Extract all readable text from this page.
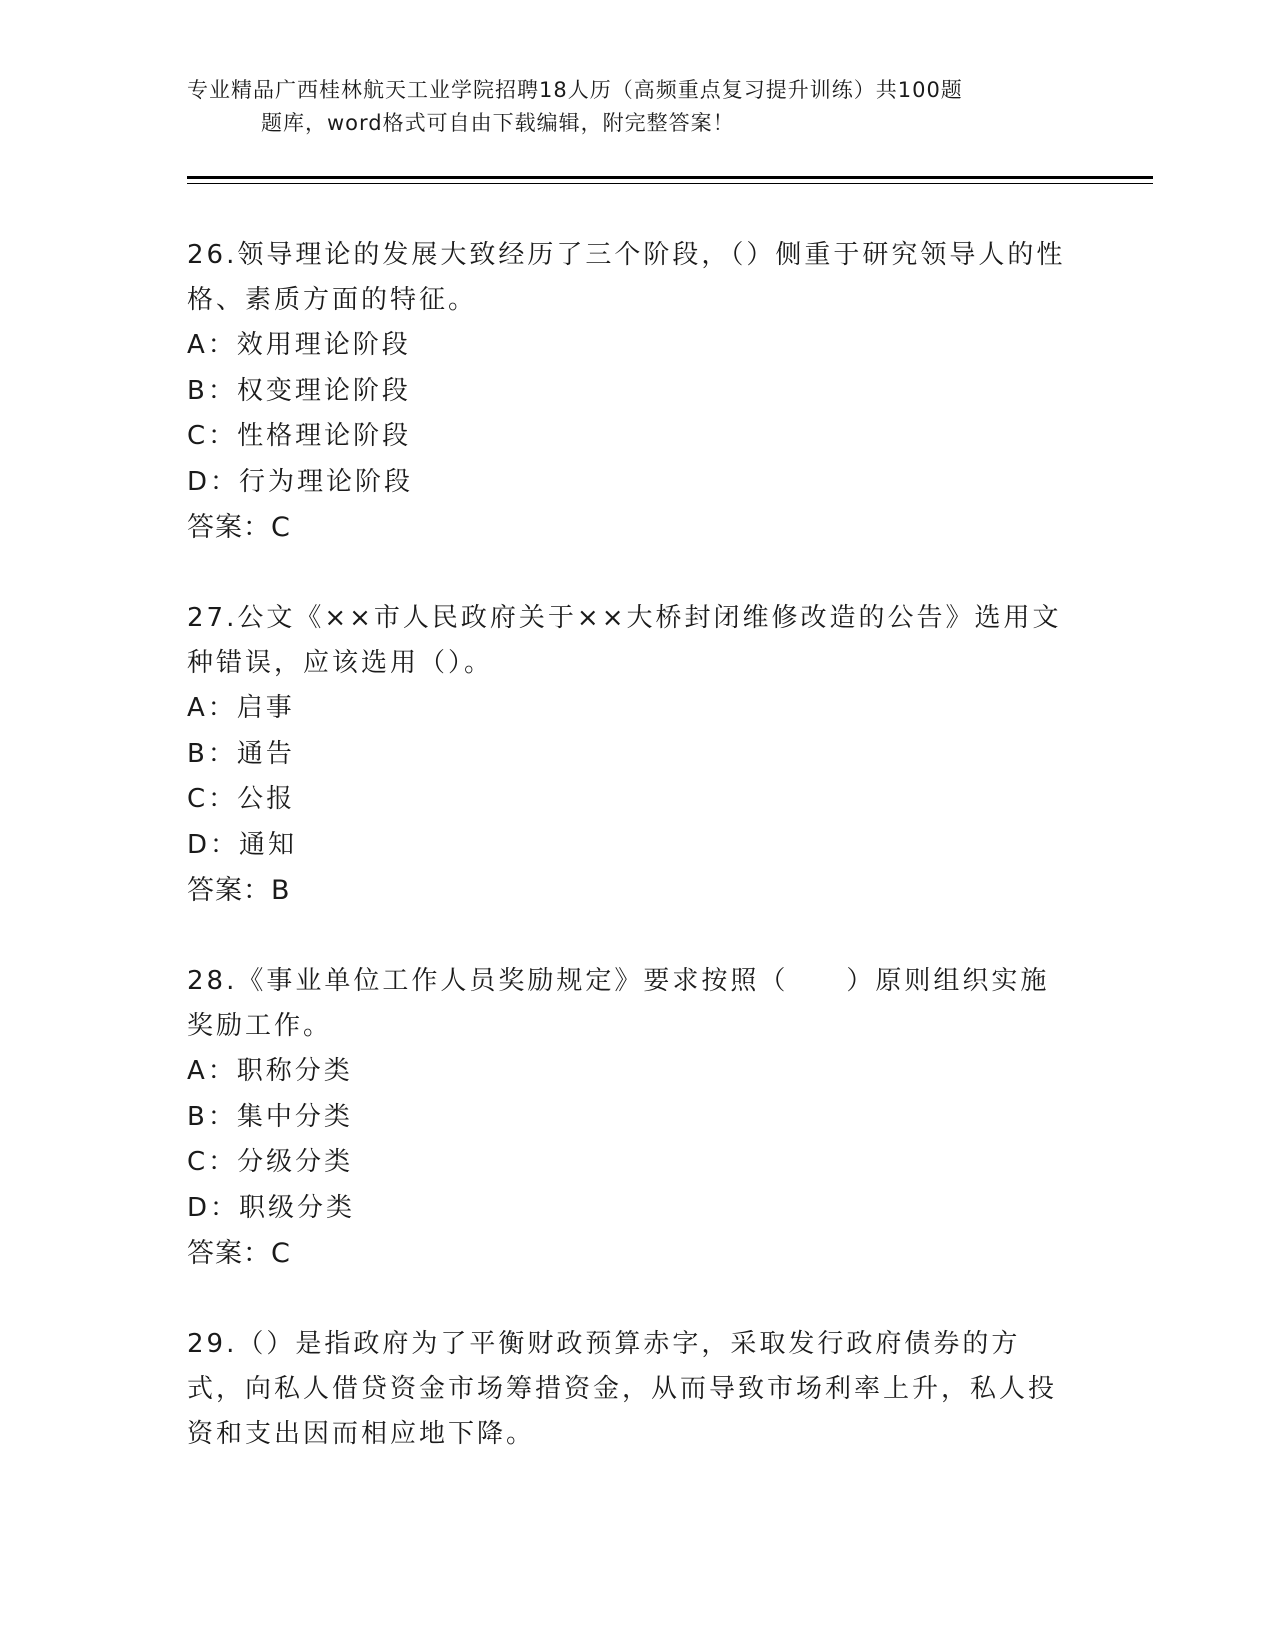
专业精品广西桂林航天工业学院招聘18人历（高频重点复习提升训练）共100题
题库，word格式可自由下载编辑，附完整答案！
26.领导理论的发展大致经历了三个阶段，（）侧重于研究领导人的性格、素质方面的特征。
A：效用理论阶段
B：权变理论阶段
C：性格理论阶段
D：行为理论阶段
答案：C
27.公文《××市人民政府关于××大桥封闭维修改造的公告》选用文种错误，应该选用（）。
A：启事
B：通告
C：公报
D：通知
答案：B
28.《事业单位工作人员奖励规定》要求按照（　　）原则组织实施奖励工作。
A：职称分类
B：集中分类
C：分级分类
D：职级分类
答案：C
29.（）是指政府为了平衡财政预算赤字，采取发行政府债券的方式，向私人借贷资金市场筹措资金，从而导致市场利率上升，私人投资和支出因而相应地下降。
